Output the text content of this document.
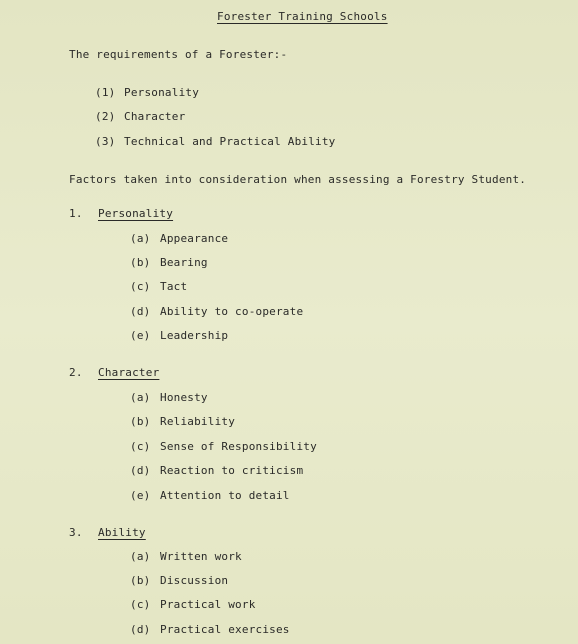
Forester Training Schools
The requirements of a Forester:-
(1) Personality
(2) Character
(3) Technical and Practical Ability
Factors taken into consideration when assessing a Forestry Student.
1. Personality
(a) Appearance
(b) Bearing
(c) Tact
(d) Ability to co-operate
(e) Leadership
2. Character
(a) Honesty
(b) Reliability
(c) Sense of Responsibility
(d) Reaction to criticism
(e) Attention to detail
3. Ability
(a) Written work
(b) Discussion
(c) Practical work
(d) Practical exercises
